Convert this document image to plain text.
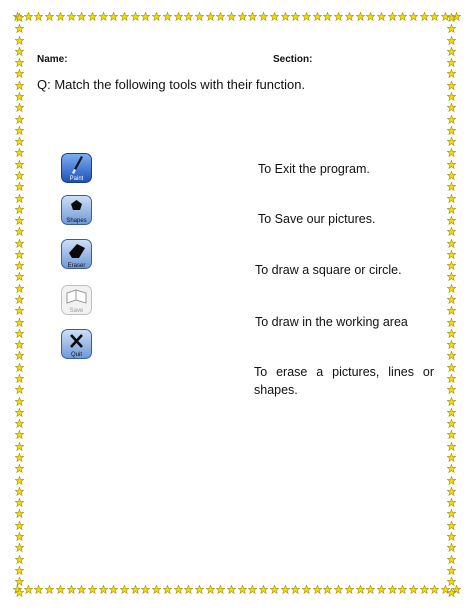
Name:	Section:
Q: Match the following tools with their function.
Paint
Shapes
Eraser
Save
Quit
To Exit the program.
To Save our pictures.
To draw a square or circle.
To draw in the working area
To erase a pictures, lines or shapes.
